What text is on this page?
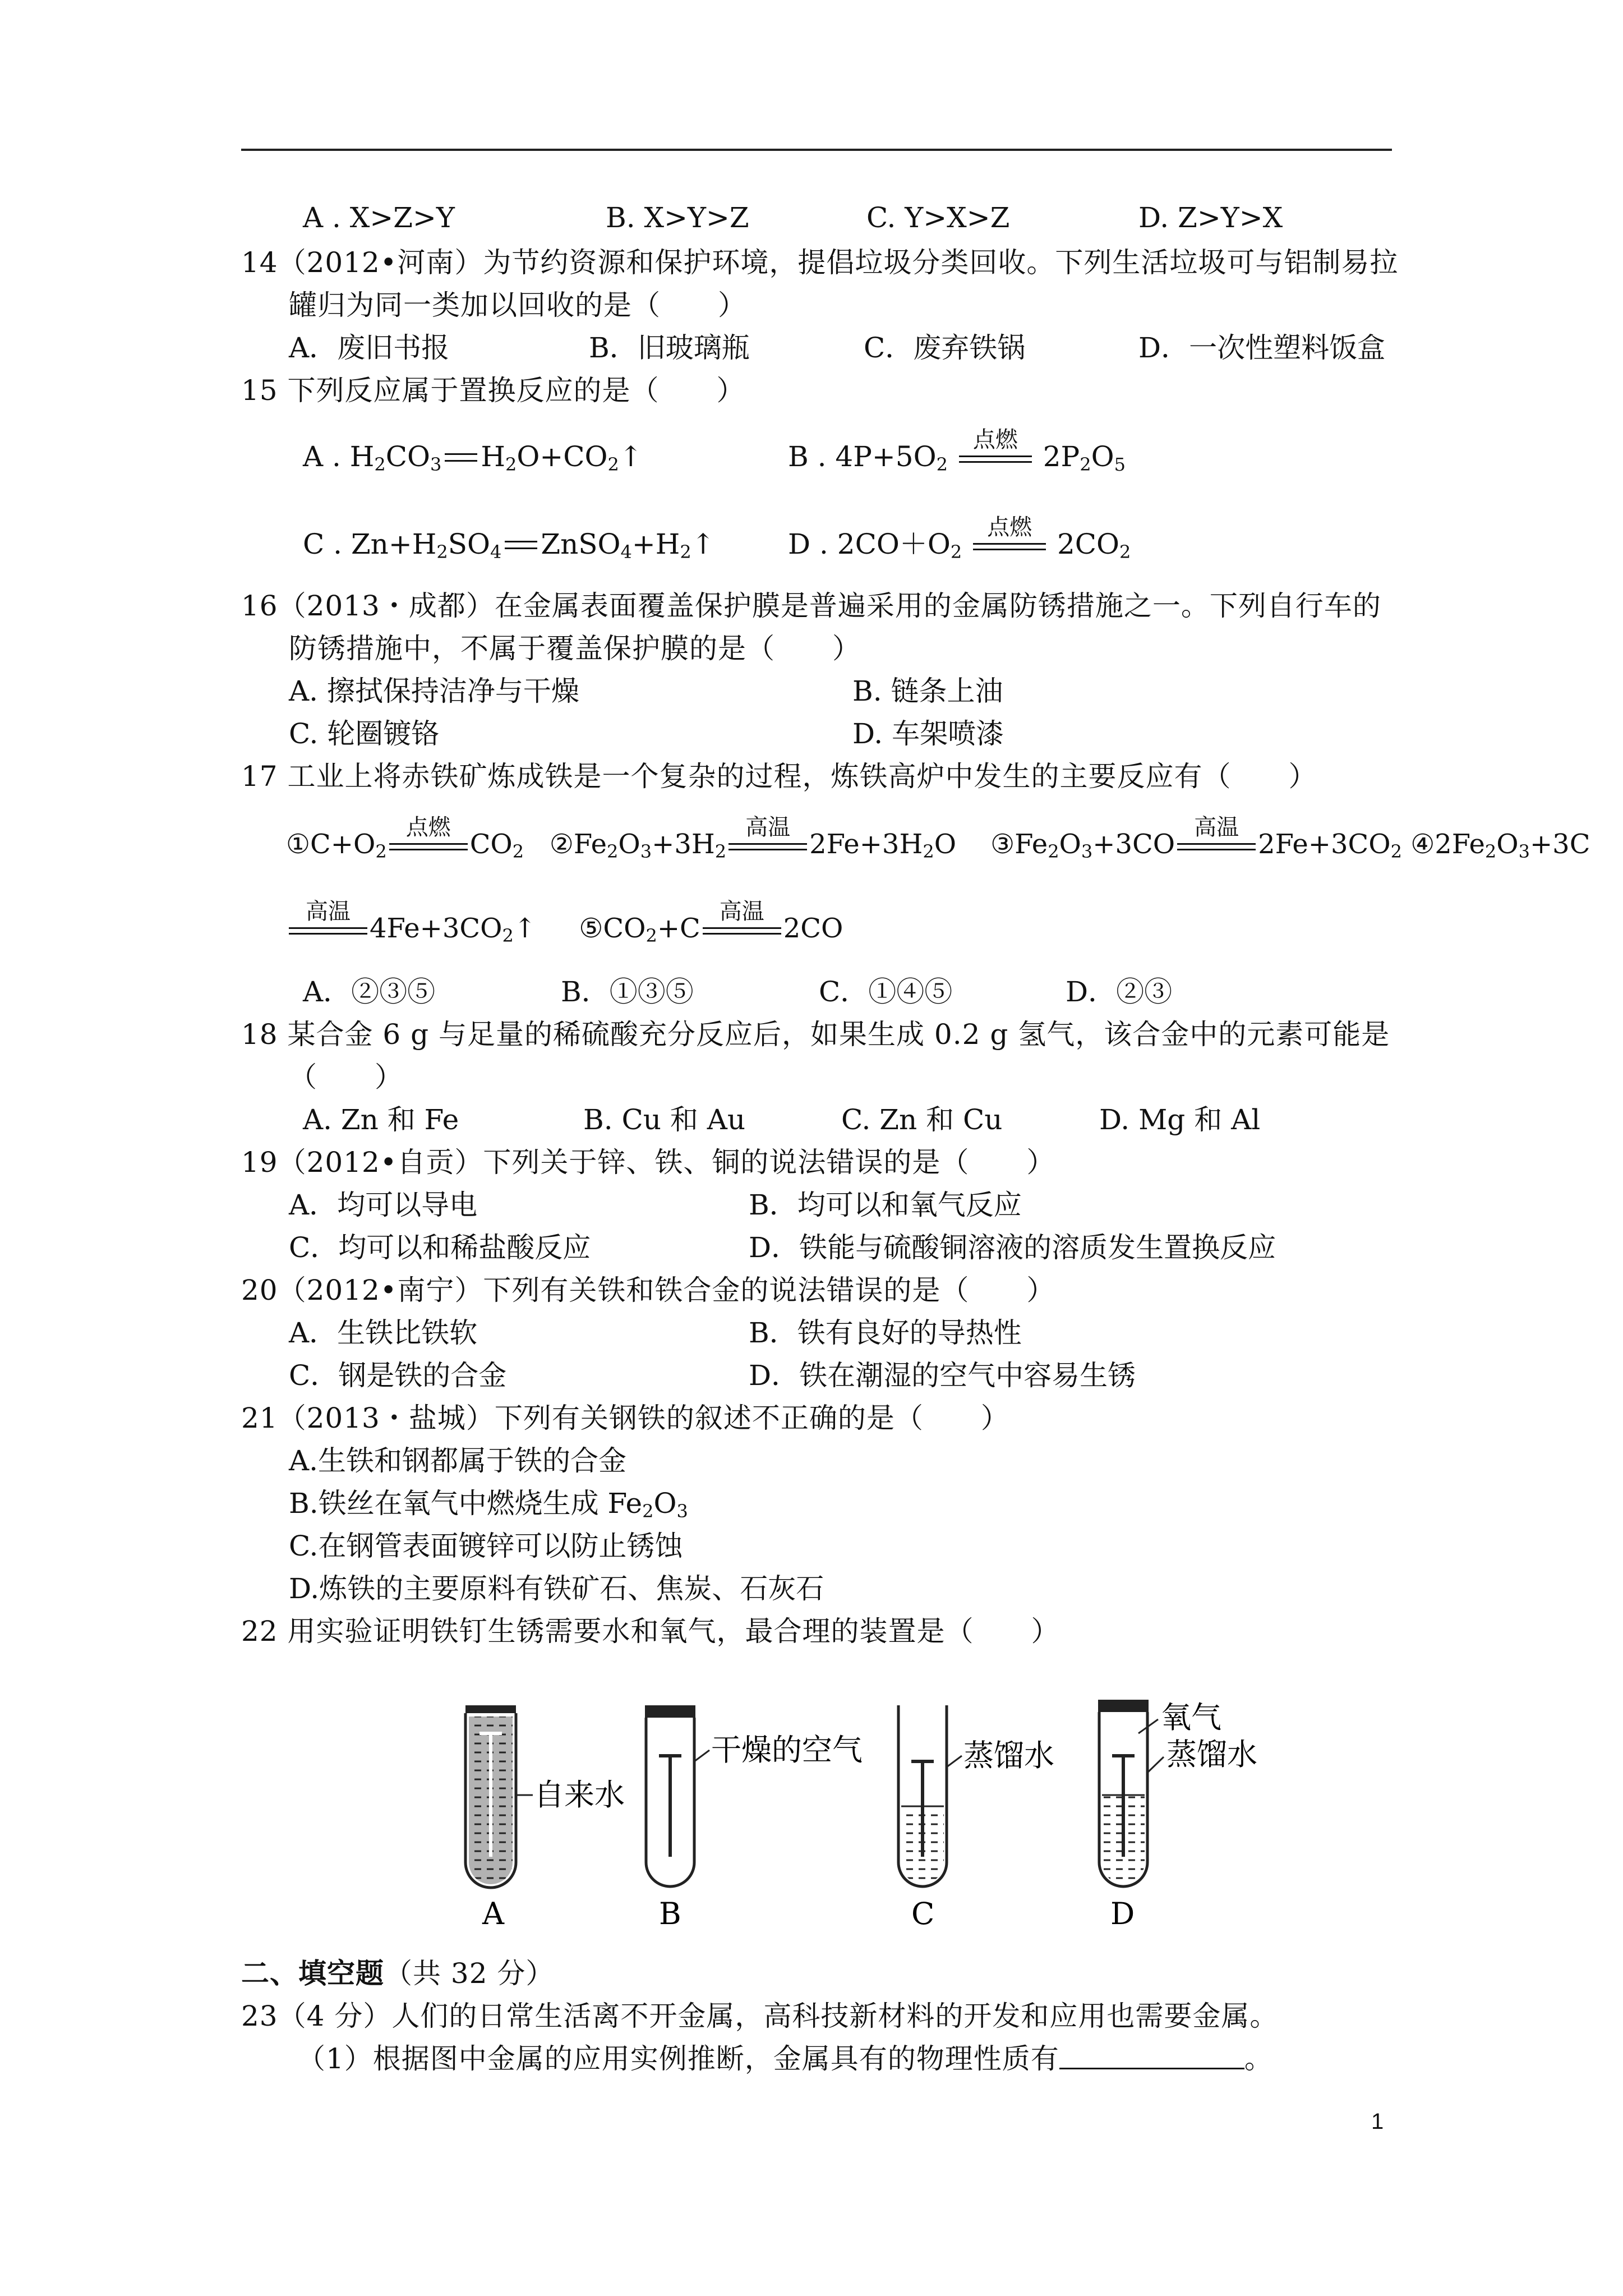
A . X>Z>Y	B. X>Y>Z	C. Y>X>Z	D. Z>Y>X
14（2012•河南）为节约资源和保护环境，提倡垃圾分类回收。下列生活垃圾可与铝制易拉
罐归为同一类加以回收的是（　　）
A．废旧书报	B．旧玻璃瓶	C．废弃铁锅	D．一次性塑料饭盒
15 下列反应属于置换反应的是（　　）
A . $H_2CO_3$ $H_2O+CO_2↑$	B . $4P+5O_2$
点燃
$2P_2O_5$
C . $Zn+H_2SO_4$ $ZnSO_4+H_2↑$	D . $2CO+O_2$
点燃
$2CO_2$
16（2013・成都）在金属表面覆盖保护膜是普遍采用的金属防锈措施之一。下列自行车的
防锈措施中，不属于覆盖保护膜的是（　　）
A. 擦拭保持洁净与干燥	B. 链条上油
C. 轮圈镀铬	D. 车架喷漆
17 工业上将赤铁矿炼成铁是一个复杂的过程，炼铁高炉中发生的主要反应有（　　）
$①C+O_2$
点燃
$CO_2$   $②Fe_2O_3+3H_2$
高温
$2Fe+3H_2O$    $③Fe_2O_3+3CO$
高温
$2Fe+3CO_2$ $④2Fe_2O_3+3C$
高温
$4Fe+3CO_2↑$     $⑤CO_2+C$
高温
2CO
A．②③⑤	B．①③⑤	C．①④⑤	D．②③
18 某合金 6 g 与足量的稀硫酸充分反应后，如果生成 0.2 g 氢气，该合金中的元素可能是
（　　）
A. Zn 和 Fe	B. Cu 和 Au	C. Zn 和 Cu	D. Mg 和 Al
19（2012•自贡）下列关于锌、铁、铜的说法错误的是（　　）
A．均可以导电	B．均可以和氧气反应
C．均可以和稀盐酸反应	D．铁能与硫酸铜溶液的溶质发生置换反应
20（2012•南宁）下列有关铁和铁合金的说法错误的是（　　）
A．生铁比铁软	B．铁有良好的导热性
C．钢是铁的合金	D．铁在潮湿的空气中容易生锈
21（2013・盐城）下列有关钢铁的叙述不正确的是（　　）
A.生铁和钢都属于铁的合金
B.铁丝在氧气中燃烧生成 $Fe_2O_3$
C.在钢管表面镀锌可以防止锈蚀
D.炼铁的主要原料有铁矿石、焦炭、石灰石
22 用实验证明铁钉生锈需要水和氧气，最合理的装置是（　　）
自来水
A
干燥的空气
B
蒸馏水
C
氧气
蒸馏水
D
二、填空题（共 32 分）
23（4 分）人们的日常生活离不开金属，高科技新材料的开发和应用也需要金属。
（1）根据图中金属的应用实例推断，金属具有的物理性质有	。
1
